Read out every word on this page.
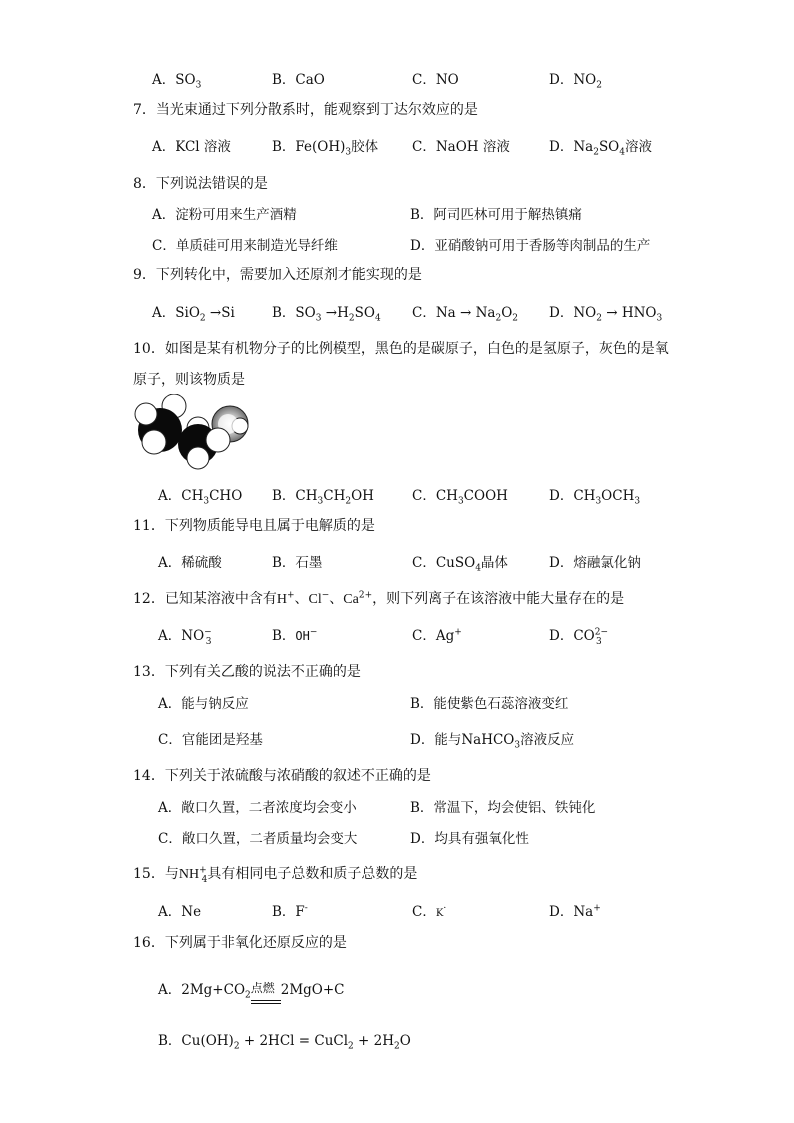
A．$SO_3$	B．CaO	C．NO	D．$NO_2$
7．当光束通过下列分散系时，能观察到丁达尔效应的是
A．KCl 溶液	B．$Fe(OH)_3$胶体	C．NaOH 溶液	D．$Na_2SO_4$溶液
8．下列说法错误的是
A．淀粉可用来生产酒精	B．阿司匹林可用于解热镇痛
C．单质硅可用来制造光导纤维	D．亚硝酸钠可用于香肠等肉制品的生产
9．下列转化中，需要加入还原剂才能实现的是
A．SiO$_2$ →Si	B．$SO_3 \to H_2SO_4$ C．$Na \to Na_2O_2$ D．$NO_2 \to HNO_3$
10．如图是某有机物分子的比例模型，黑色的是碳原子，白色的是氢原子，灰色的是氧
原子，则该物质是
A．$CH_3CHO$ B．$CH_3CH_2OH$	C．$CH_3COOH$	D．$CH_3OCH_3$
11．下列物质能导电且属于电解质的是
A．稀硫酸	B．石墨	C．CuSO$_4$晶体	D．熔融氯化钠
12．已知某溶液中含有H+、Cl−、$Ca^{2+}$，则下列离子在该溶液中能大量存在的是
A．$NO^-_3$	B．OH−	C．Ag+	D．$CO^{2-}_3$
13．下列有关乙酸的说法不正确的是
A．能与钠反应	B．能使紫色石蕊溶液变红
C．官能团是羟基	D．能与NaHCO$_3$溶液反应
14．下列关于浓硫酸与浓硝酸的叙述不正确的是
A．敞口久置，二者浓度均会变小	B．常温下，均会使铝、铁钝化
C．敞口久置，二者质量均会变大	D．均具有强氧化性
15．与$NH^+_4$具有相同电子总数和质子总数的是
A．Ne	B．F-	C．K·	D．Na+
16．下列属于非氧化还原反应的是
A．$2Mg+CO_2$
点燃 2MgO+C
B．$Cu(OH)_2 + 2HCl$ = CuCl$_2$ + $2H_2O$
